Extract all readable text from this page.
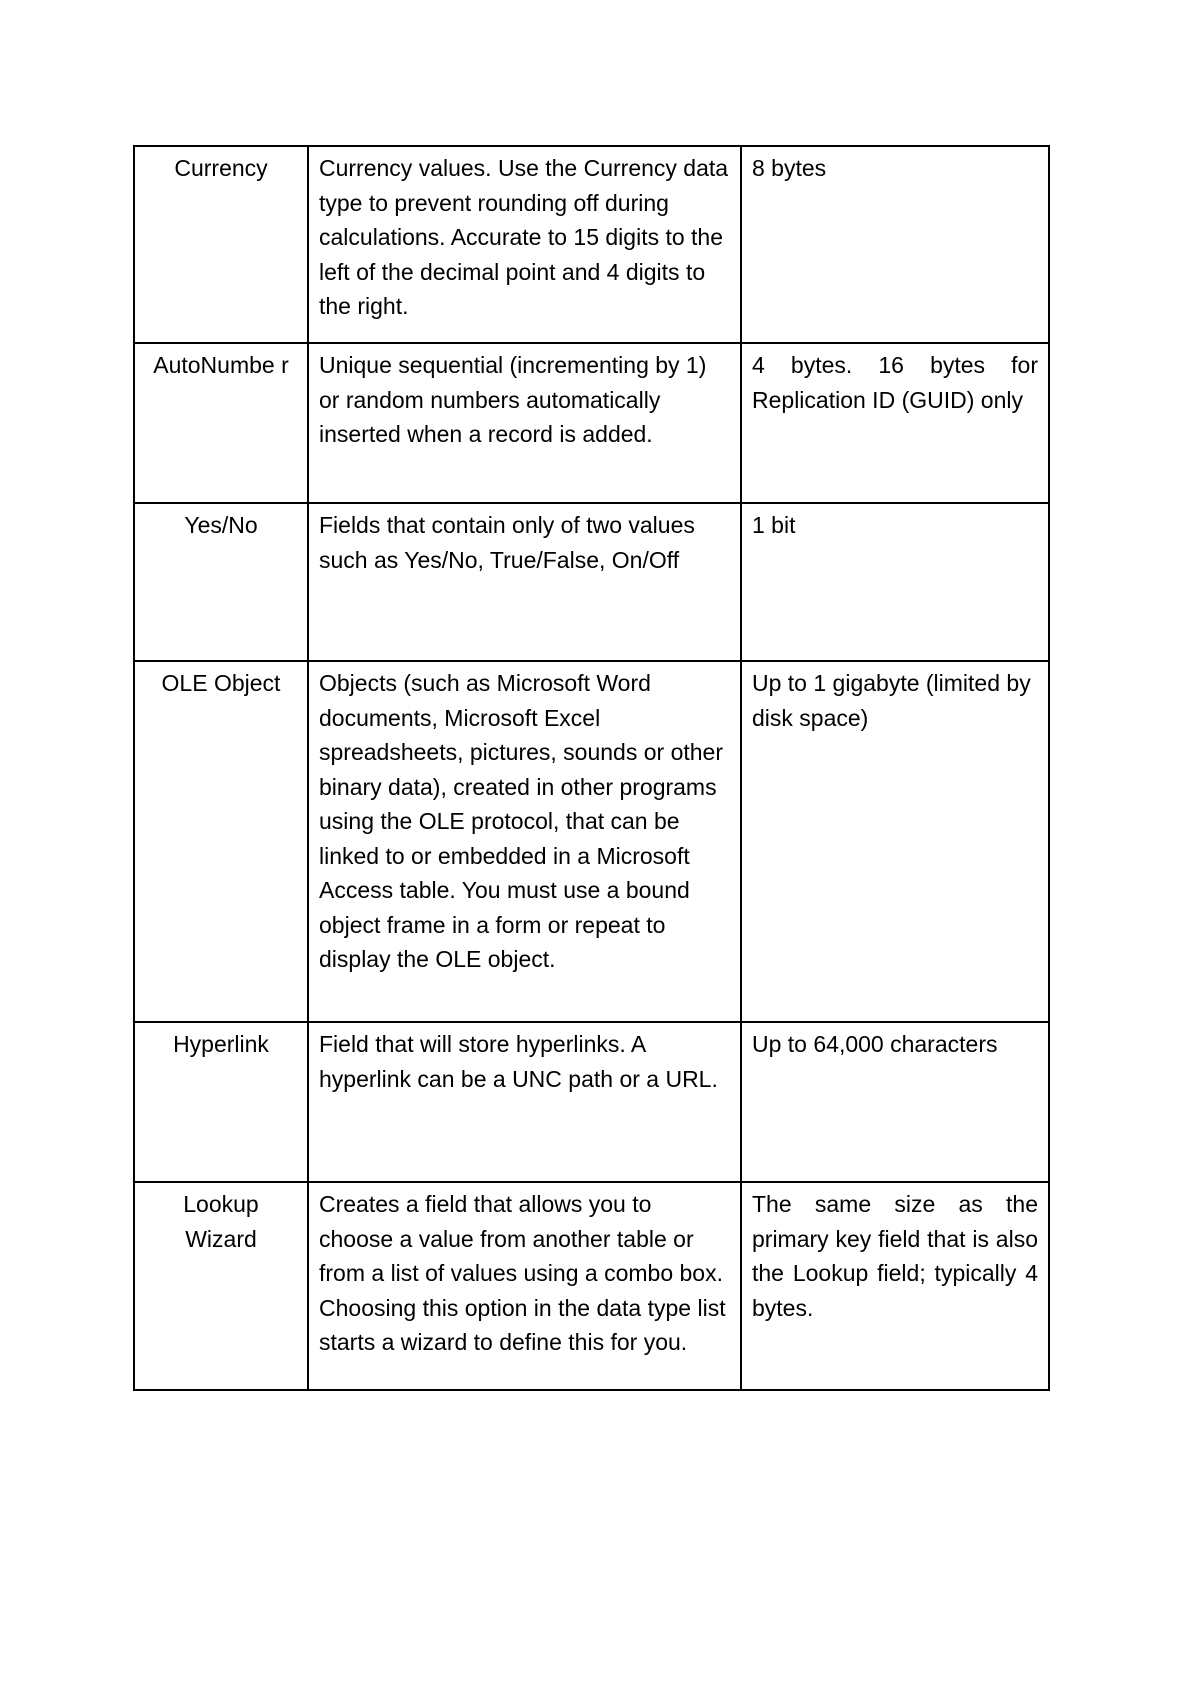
Currency	Currency values. Use the Currency data type to prevent rounding off during calculations. Accurate to 15 digits to the left of the decimal point and 4 digits to the right.	8 bytes

AutoNumbe r	Unique sequential (incrementing by 1) or random numbers automatically inserted when a record is added.	4 bytes. 16 bytes for Replication ID (GUID) only

Yes/No	Fields that contain only of two values such as Yes/No, True/False, On/Off	1 bit

OLE Object	Objects (such as Microsoft Word documents, Microsoft Excel spreadsheets, pictures, sounds or other binary data), created in other programs using the OLE protocol, that can be linked to or embedded in a Microsoft Access table. You must use a bound object frame in a form or repeat to display the OLE object.	Up to 1 gigabyte (limited by disk space)

Hyperlink	Field that will store hyperlinks. A hyperlink can be a UNC path or a URL.	Up to 64,000 characters

Lookup Wizard	Creates a field that allows you to choose a value from another table or from a list of values using a combo box. Choosing this option in the data type list starts a wizard to define this for you.	The same size as the primary key field that is also the Lookup field; typically 4 bytes.
